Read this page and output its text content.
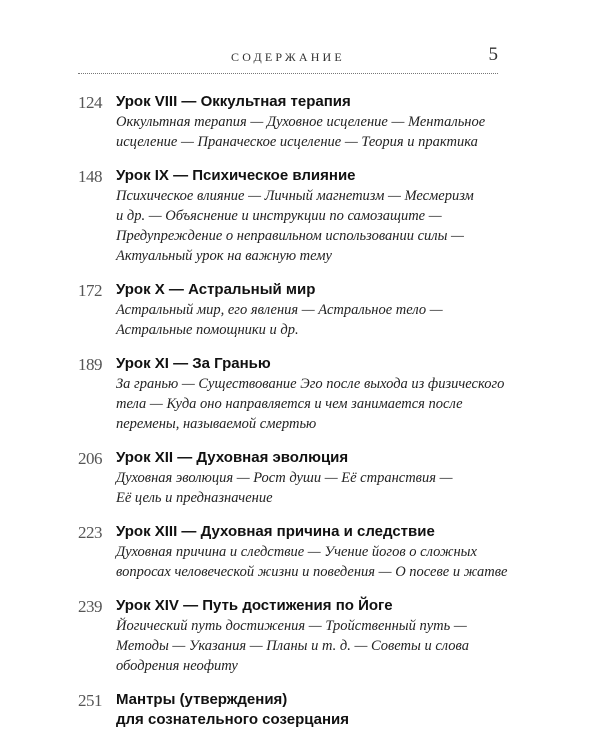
СОДЕРЖАНИЕ	5
124 Урок VIII — Оккультная терапия
Оккультная терапия — Духовное исцеление — Ментальное
исцеление — Праначеское исцеление — Теория и практика
148 Урок IX — Психическое влияние
Психическое влияние — Личный магнетизм — Месмеризм
и др. — Объяснение и инструкции по самозащите —
Предупреждение о неправильном использовании силы —
Актуальный урок на важную тему
172 Урок X — Астральный мир
Астральный мир, его явления — Астральное тело —
Астральные помощники и др.
189 Урок XI — За Гранью
За гранью — Существование Эго после выхода из физического
тела — Куда оно направляется и чем занимается после
перемены, называемой смертью
206 Урок XII — Духовная эволюция
Духовная эволюция — Рост души — Её странствия —
Её цель и предназначение
223 Урок XIII — Духовная причина и следствие
Духовная причина и следствие — Учение йогов о сложных
вопросах человеческой жизни и поведения — О посеве и жатве
239 Урок XIV — Путь достижения по Йоге
Йогический путь достижения — Тройственный путь —
Методы — Указания — Планы и т. д. — Советы и слова
ободрения неофиту
251 Мантры (утверждения)
для сознательного созерцания
